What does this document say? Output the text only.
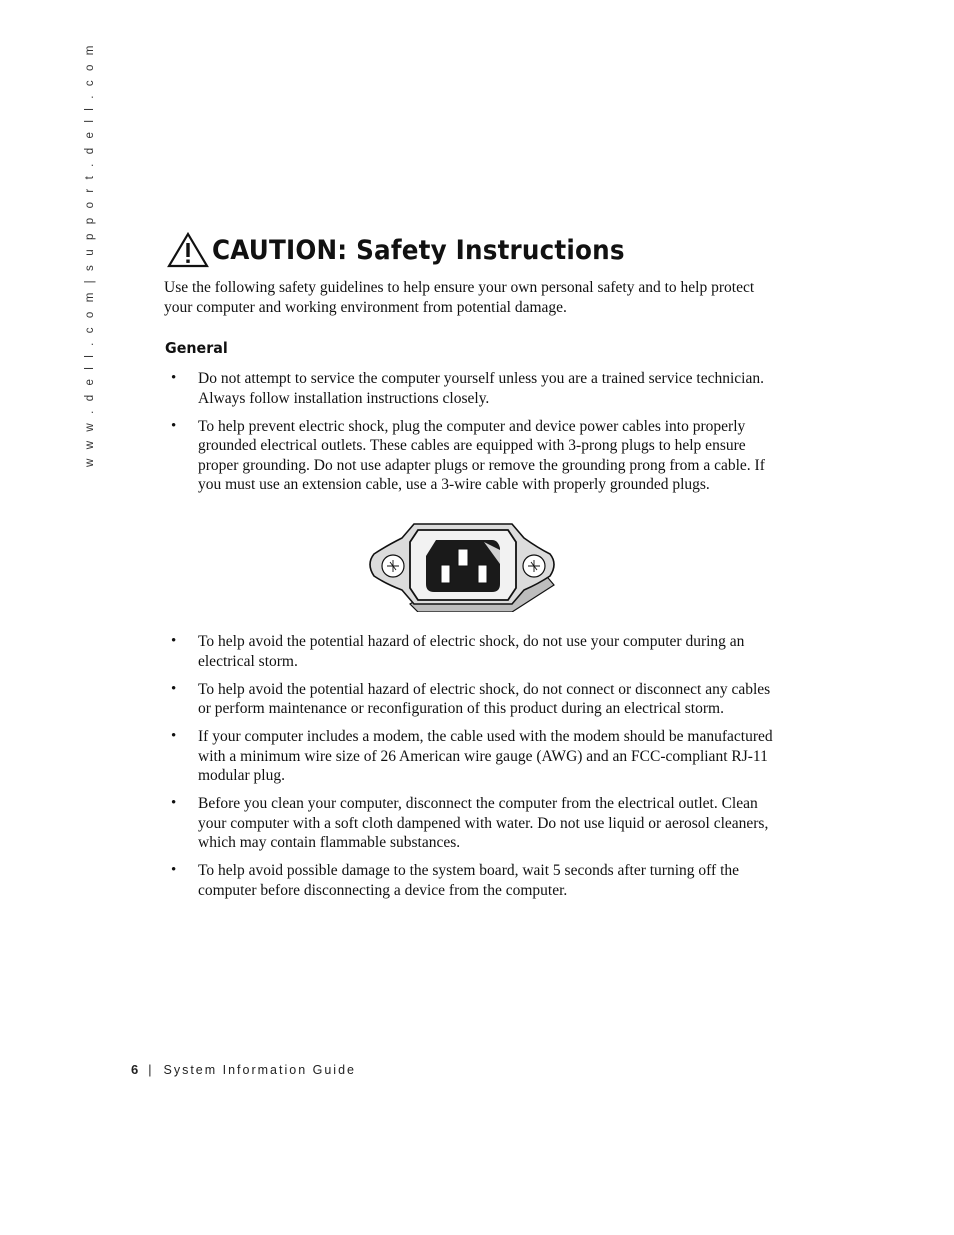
w w w . d e l l . c o m | s u p p o r t . d e l l . c o m	CAUTION: Safety Instructions
Use the following safety guidelines to help ensure your own personal safety and to help protect your computer and working environment from potential damage.
General
• Do not attempt to service the computer yourself unless you are a trained service technician. Always follow installation instructions closely.
• To help prevent electric shock, plug the computer and device power cables into properly grounded electrical outlets. These cables are equipped with 3-prong plugs to help ensure proper grounding. Do not use adapter plugs or remove the grounding prong from a cable. If you must use an extension cable, use a 3-wire cable with properly grounded plugs.
• To help avoid the potential hazard of electric shock, do not use your computer during an electrical storm.
• To help avoid the potential hazard of electric shock, do not connect or disconnect any cables or perform maintenance or reconfiguration of this product during an electrical storm.
• If your computer includes a modem, the cable used with the modem should be manufactured with a minimum wire size of 26 American wire gauge (AWG) and an FCC-compliant RJ-11 modular plug.
• Before you clean your computer, disconnect the computer from the electrical outlet. Clean your computer with a soft cloth dampened with water. Do not use liquid or aerosol cleaners, which may contain flammable substances.
• To help avoid possible damage to the system board, wait 5 seconds after turning off the computer before disconnecting a device from the computer.
6 | System Information Guide
